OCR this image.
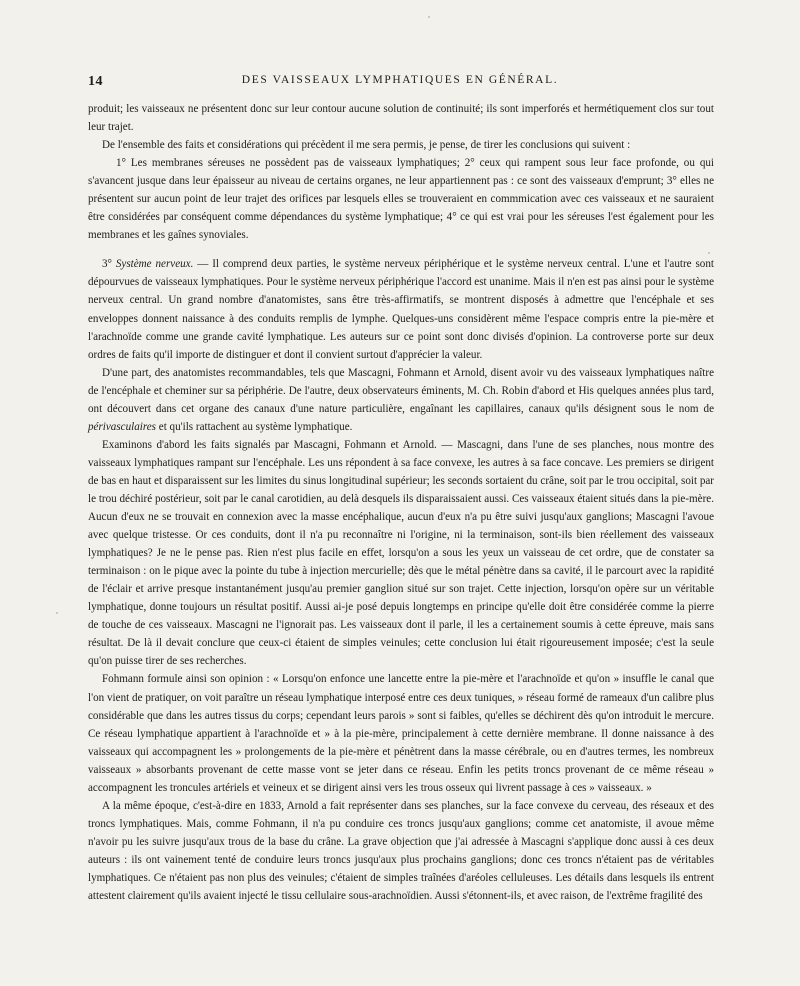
14	DES VAISSEAUX LYMPHATIQUES EN GÉNÉRAL.

produit; les vaisseaux ne présentent donc sur leur contour aucune solution de continuité; ils sont imperforés et hermétiquement clos sur tout leur trajet.

De l'ensemble des faits et considérations qui précèdent il me sera permis, je pense, de tirer les conclusions qui suivent :

1° Les membranes séreuses ne possèdent pas de vaisseaux lymphatiques; 2° ceux qui rampent sous leur face profonde, ou qui s'avancent jusque dans leur épaisseur au niveau de certains organes, ne leur appartiennent pas : ce sont des vaisseaux d'emprunt; 3° elles ne présentent sur aucun point de leur trajet des orifices par lesquels elles se trouveraient en commmication avec ces vaisseaux et ne sauraient être considérées par conséquent comme dépendances du système lymphatique; 4° ce qui est vrai pour les séreuses l'est également pour les membranes et les gaînes synoviales.

3° Système nerveux. — Il comprend deux parties, le système nerveux périphérique et le système nerveux central. L'une et l'autre sont dépourvues de vaisseaux lymphatiques. Pour le système nerveux périphérique l'accord est unanime. Mais il n'en est pas ainsi pour le système nerveux central. Un grand nombre d'anatomistes, sans être très-affirmatifs, se montrent disposés à admettre que l'encéphale et ses enveloppes donnent naissance à des conduits remplis de lymphe. Quelques-uns considèrent même l'espace compris entre la pie-mère et l'arachnoïde comme une grande cavité lymphatique. Les auteurs sur ce point sont donc divisés d'opinion. La controverse porte sur deux ordres de faits qu'il importe de distinguer et dont il convient surtout d'apprécier la valeur.

D'une part, des anatomistes recommandables, tels que Mascagni, Fohmann et Arnold, disent avoir vu des vaisseaux lymphatiques naître de l'encéphale et cheminer sur sa périphérie. De l'autre, deux observateurs éminents, M. Ch. Robin d'abord et His quelques années plus tard, ont découvert dans cet organe des canaux d'une nature particulière, engaînant les capillaires, canaux qu'ils désignent sous le nom de périvasculaires et qu'ils rattachent au système lymphatique.

Examinons d'abord les faits signalés par Mascagni, Fohmann et Arnold. — Mascagni, dans l'une de ses planches, nous montre des vaisseaux lymphatiques rampant sur l'encéphale. Les uns répondent à sa face convexe, les autres à sa face concave. Les premiers se dirigent de bas en haut et disparaissent sur les limites du sinus longitudinal supérieur; les seconds sortaient du crâne, soit par le trou occipital, soit par le trou déchiré postérieur, soit par le canal carotidien, au delà desquels ils disparaissaient aussi. Ces vaisseaux étaient situés dans la pie-mère. Aucun d'eux ne se trouvait en connexion avec la masse encéphalique, aucun d'eux n'a pu être suivi jusqu'aux ganglions; Mascagni l'avoue avec quelque tristesse. Or ces conduits, dont il n'a pu reconnaître ni l'origine, ni la terminaison, sont-ils bien réellement des vaisseaux lymphatiques? Je ne le pense pas. Rien n'est plus facile en effet, lorsqu'on a sous les yeux un vaisseau de cet ordre, que de constater sa terminaison : on le pique avec la pointe du tube à injection mercurielle; dès que le métal pénètre dans sa cavité, il le parcourt avec la rapidité de l'éclair et arrive presque instantanément jusqu'au premier ganglion situé sur son trajet. Cette injection, lorsqu'on opère sur un véritable lymphatique, donne toujours un résultat positif. Aussi ai-je posé depuis longtemps en principe qu'elle doit être considérée comme la pierre de touche de ces vaisseaux. Mascagni ne l'ignorait pas. Les vaisseaux dont il parle, il les a certainement soumis à cette épreuve, mais sans résultat. De là il devait conclure que ceux-ci étaient de simples veinules; cette conclusion lui était rigoureusement imposée; c'est la seule qu'on puisse tirer de ses recherches.

Fohmann formule ainsi son opinion : « Lorsqu'on enfonce une lancette entre la pie-mère et l'arachnoïde et qu'on » insuffle le canal que l'on vient de pratiquer, on voit paraître un réseau lymphatique interposé entre ces deux tuniques, » réseau formé de rameaux d'un calibre plus considérable que dans les autres tissus du corps; cependant leurs parois » sont si faibles, qu'elles se déchirent dès qu'on introduit le mercure. Ce réseau lymphatique appartient à l'arachnoïde et » à la pie-mère, principalement à cette dernière membrane. Il donne naissance à des vaisseaux qui accompagnent les » prolongements de la pie-mère et pénètrent dans la masse cérébrale, ou en d'autres termes, les nombreux vaisseaux » absorbants provenant de cette masse vont se jeter dans ce réseau. Enfin les petits troncs provenant de ce même réseau » accompagnent les troncules artériels et veineux et se dirigent ainsi vers les trous osseux qui livrent passage à ces » vaisseaux. »

A la même époque, c'est-à-dire en 1833, Arnold a fait représenter dans ses planches, sur la face convexe du cerveau, des réseaux et des troncs lymphatiques. Mais, comme Fohmann, il n'a pu conduire ces troncs jusqu'aux ganglions; comme cet anatomiste, il avoue même n'avoir pu les suivre jusqu'aux trous de la base du crâne. La grave objection que j'ai adressée à Mascagni s'applique donc aussi à ces deux auteurs : ils ont vainement tenté de conduire leurs troncs jusqu'aux plus prochains ganglions; donc ces troncs n'étaient pas de véritables lymphatiques. Ce n'étaient pas non plus des veinules; c'étaient de simples traînées d'aréoles celluleuses. Les détails dans lesquels ils entrent attestent clairement qu'ils avaient injecté le tissu cellulaire sous-arachnoïdien. Aussi s'étonnent-ils, et avec raison, de l'extrême fragilité des
